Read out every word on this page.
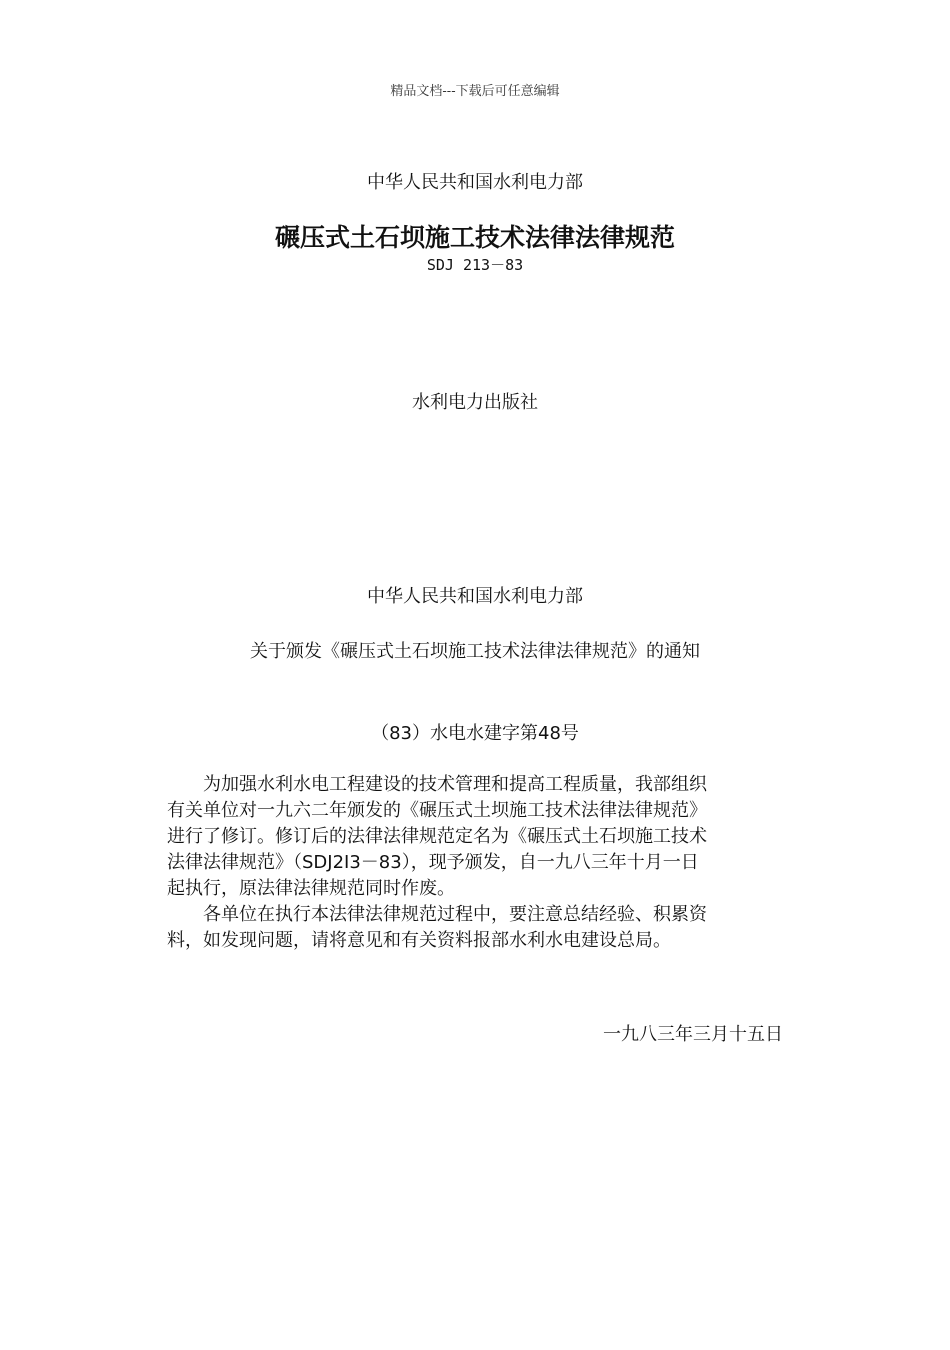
精品文档---下载后可任意编辑
中华人民共和国水利电力部
碾压式土石坝施工技术法律法律规范
SDJ 213－83
水利电力出版社
中华人民共和国水利电力部
关于颁发《碾压式土石坝施工技术法律法律规范》的通知
（83）水电水建字第48号

　　为加强水利水电工程建设的技术管理和提高工程质量，我部组织

有关单位对一九六二年颁发的《碾压式土坝施工技术法律法律规范》

进行了修订。修订后的法律法律规范定名为《碾压式土石坝施工技术

法律法律规范》（SDJ2I3－83），现予颁发，自一九八三年十月一日

起执行，原法律法律规范同时作废。

　　各单位在执行本法律法律规范过程中，要注意总结经验、积累资

料，如发现问题，请将意见和有关资料报部水利水电建设总局。

一九八三年三月十五日
